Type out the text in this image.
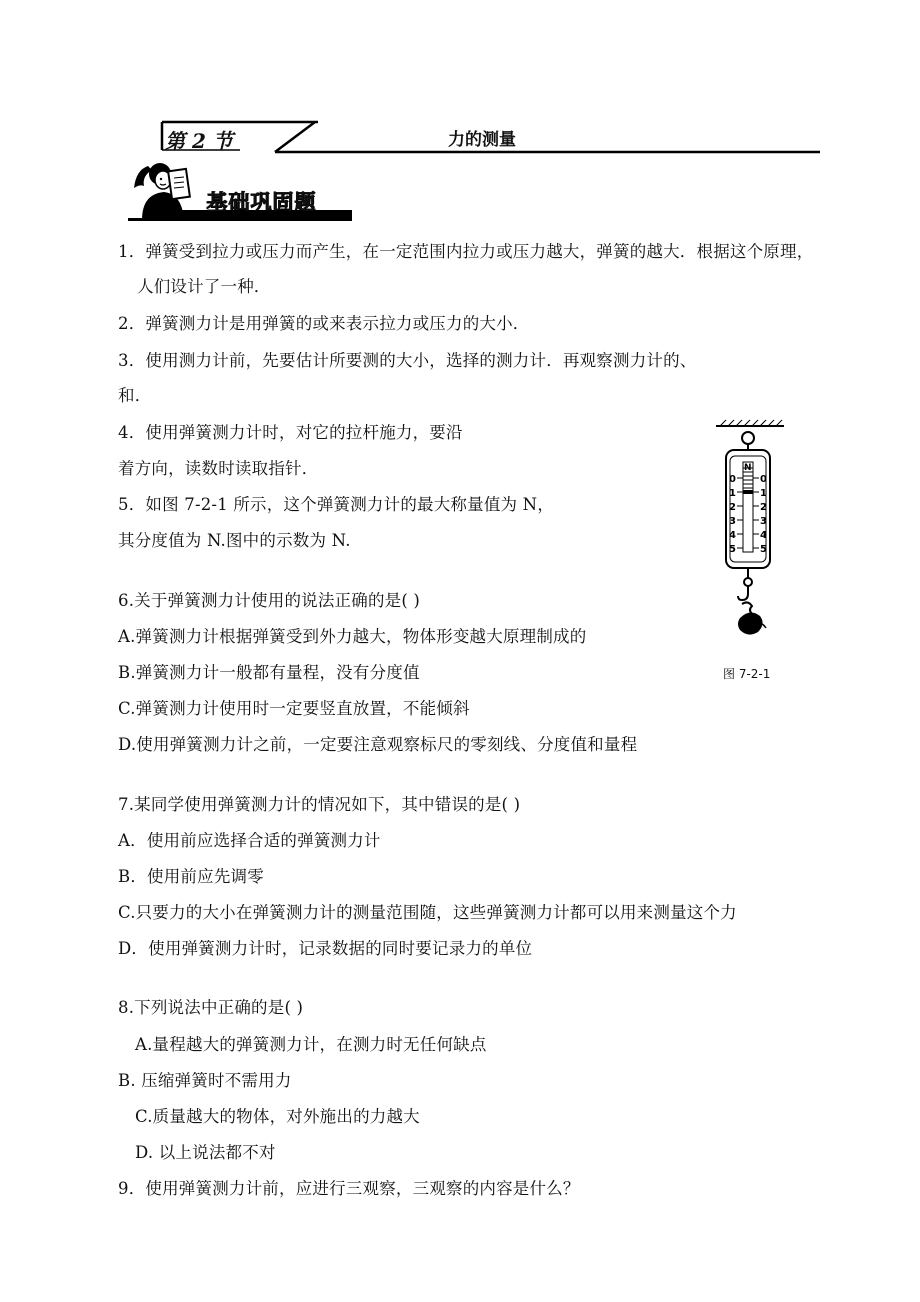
第 2 节	力的测量
基础巩固题
1．弹簧受到拉力或压力而产生，在一定范围内拉力或压力越大，弹簧的越大．根据这个原理，
人们设计了一种．
2．弹簧测力计是用弹簧的或来表示拉力或压力的大小．
3．使用测力计前，先要估计所要测的大小，选择的测力计．再观察测力计的、
和．
4．使用弹簧测力计时，对它的拉杆施力，要沿
着方向，读数时读取指针．
5．如图 7-2-1 所示，这个弹簧测力计的最大称量值为 N，
其分度值为 N.图中的示数为 N.
6.关于弹簧测力计使用的说法正确的是( )
A.弹簧测力计根据弹簧受到外力越大，物体形变越大原理制成的
B.弹簧测力计一般都有量程，没有分度值
C.弹簧测力计使用时一定要竖直放置，不能倾斜
D.使用弹簧测力计之前，一定要注意观察标尺的零刻线、分度值和量程
7.某同学使用弹簧测力计的情况如下，其中错误的是( )
A．使用前应选择合适的弹簧测力计
B．使用前应先调零
C.只要力的大小在弹簧测力计的测量范围随，这些弹簧测力计都可以用来测量这个力
D．使用弹簧测力计时，记录数据的同时要记录力的单位
8.下列说法中正确的是( )
A.量程越大的弹簧测力计，在测力时无任何缺点
B. 压缩弹簧时不需用力
C.质量越大的物体，对外施出的力越大
D. 以上说法都不对
9．使用弹簧测力计前，应进行三观察，三观察的内容是什么？
N
0
1
2
3
4
5
0
1
2
3
4
5
图 7-2-1
